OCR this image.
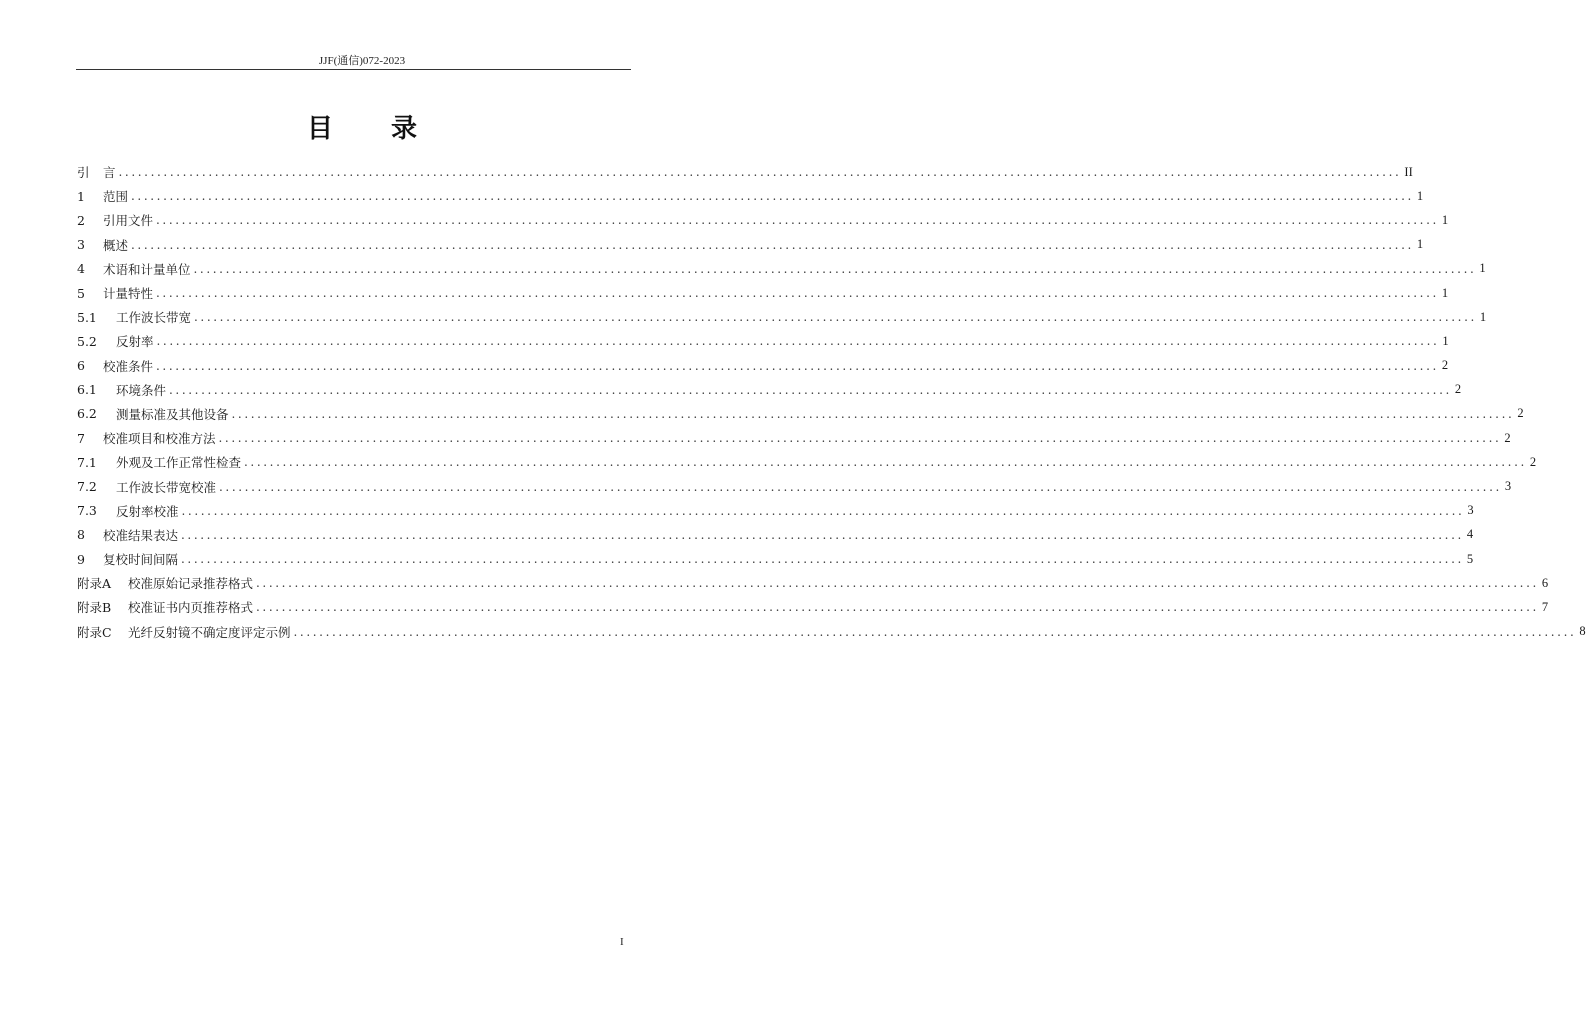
JJF(通信)072-2023
目录
引	言 ........................................................................................................................................................................................................ II
1	范围 ........................................................................................................................................................................................................ 1
2	引用文件 ........................................................................................................................................................................................................ 1
3	概述 ........................................................................................................................................................................................................ 1
4	术语和计量单位 ........................................................................................................................................................................................................ 1
5	计量特性 ........................................................................................................................................................................................................ 1
5.1	工作波长带宽 ........................................................................................................................................................................................................ 1
5.2	反射率 ........................................................................................................................................................................................................ 1
6	校准条件 ........................................................................................................................................................................................................ 2
6.1	环境条件 ........................................................................................................................................................................................................ 2
6.2	测量标准及其他设备 ........................................................................................................................................................................................................ 2
7	校准项目和校准方法 ........................................................................................................................................................................................................ 2
7.1	外观及工作正常性检查 ........................................................................................................................................................................................................ 2
7.2	工作波长带宽校准 ........................................................................................................................................................................................................ 3
7.3	反射率校准 ........................................................................................................................................................................................................ 3
8	校准结果表达 ........................................................................................................................................................................................................ 4
9	复校时间间隔 ........................................................................................................................................................................................................ 5
附录A	校准原始记录推荐格式 ........................................................................................................................................................................................................ 6
附录B	校准证书内页推荐格式 ........................................................................................................................................................................................................ 7
附录C	光纤反射镜不确定度评定示例 ........................................................................................................................................................................................................ 8
I
